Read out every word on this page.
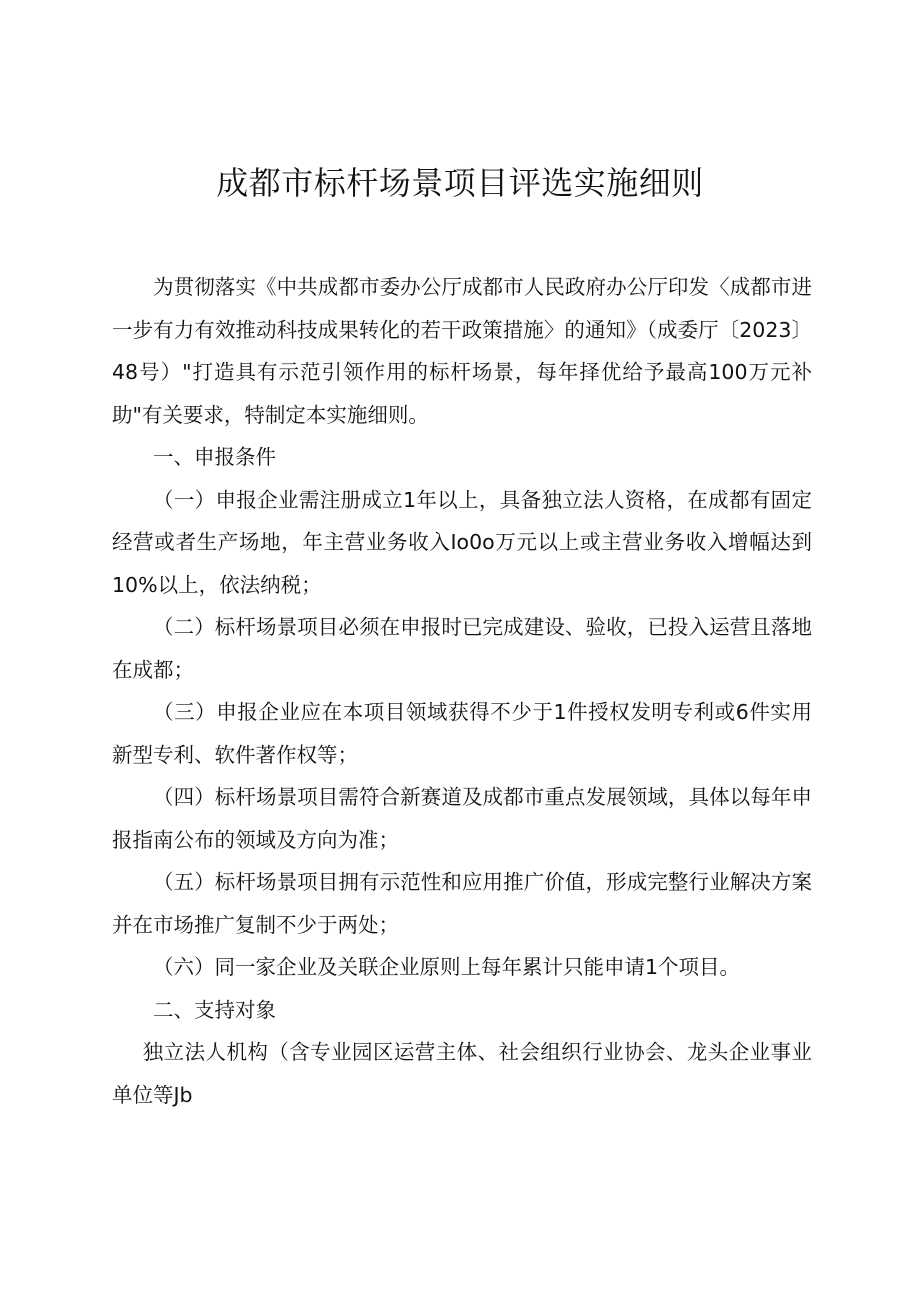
成都市标杆场景项目评选实施细则

为贯彻落实《中共成都市委办公厅成都市人民政府办公厅印发〈成都市进一步有力有效推动科技成果转化的若干政策措施〉的通知》（成委厅〔2023〕48号）"打造具有示范引领作用的标杆场景，每年择优给予最高100万元补助"有关要求，特制定本实施细则。

一、申报条件

（一）申报企业需注册成立1年以上，具备独立法人资格，在成都有固定经营或者生产场地，年主营业务收入Io0o万元以上或主营业务收入增幅达到10%以上，依法纳税；

（二）标杆场景项目必须在申报时已完成建设、验收，已投入运营且落地在成都；

（三）申报企业应在本项目领域获得不少于1件授权发明专利或6件实用新型专利、软件著作权等；

（四）标杆场景项目需符合新赛道及成都市重点发展领域，具体以每年申报指南公布的领域及方向为准；

（五）标杆场景项目拥有示范性和应用推广价值，形成完整行业解决方案并在市场推广复制不少于两处；

（六）同一家企业及关联企业原则上每年累计只能申请1个项目。

二、支持对象

独立法人机构（含专业园区运营主体、社会组织行业协会、龙头企业事业单位等Jb
